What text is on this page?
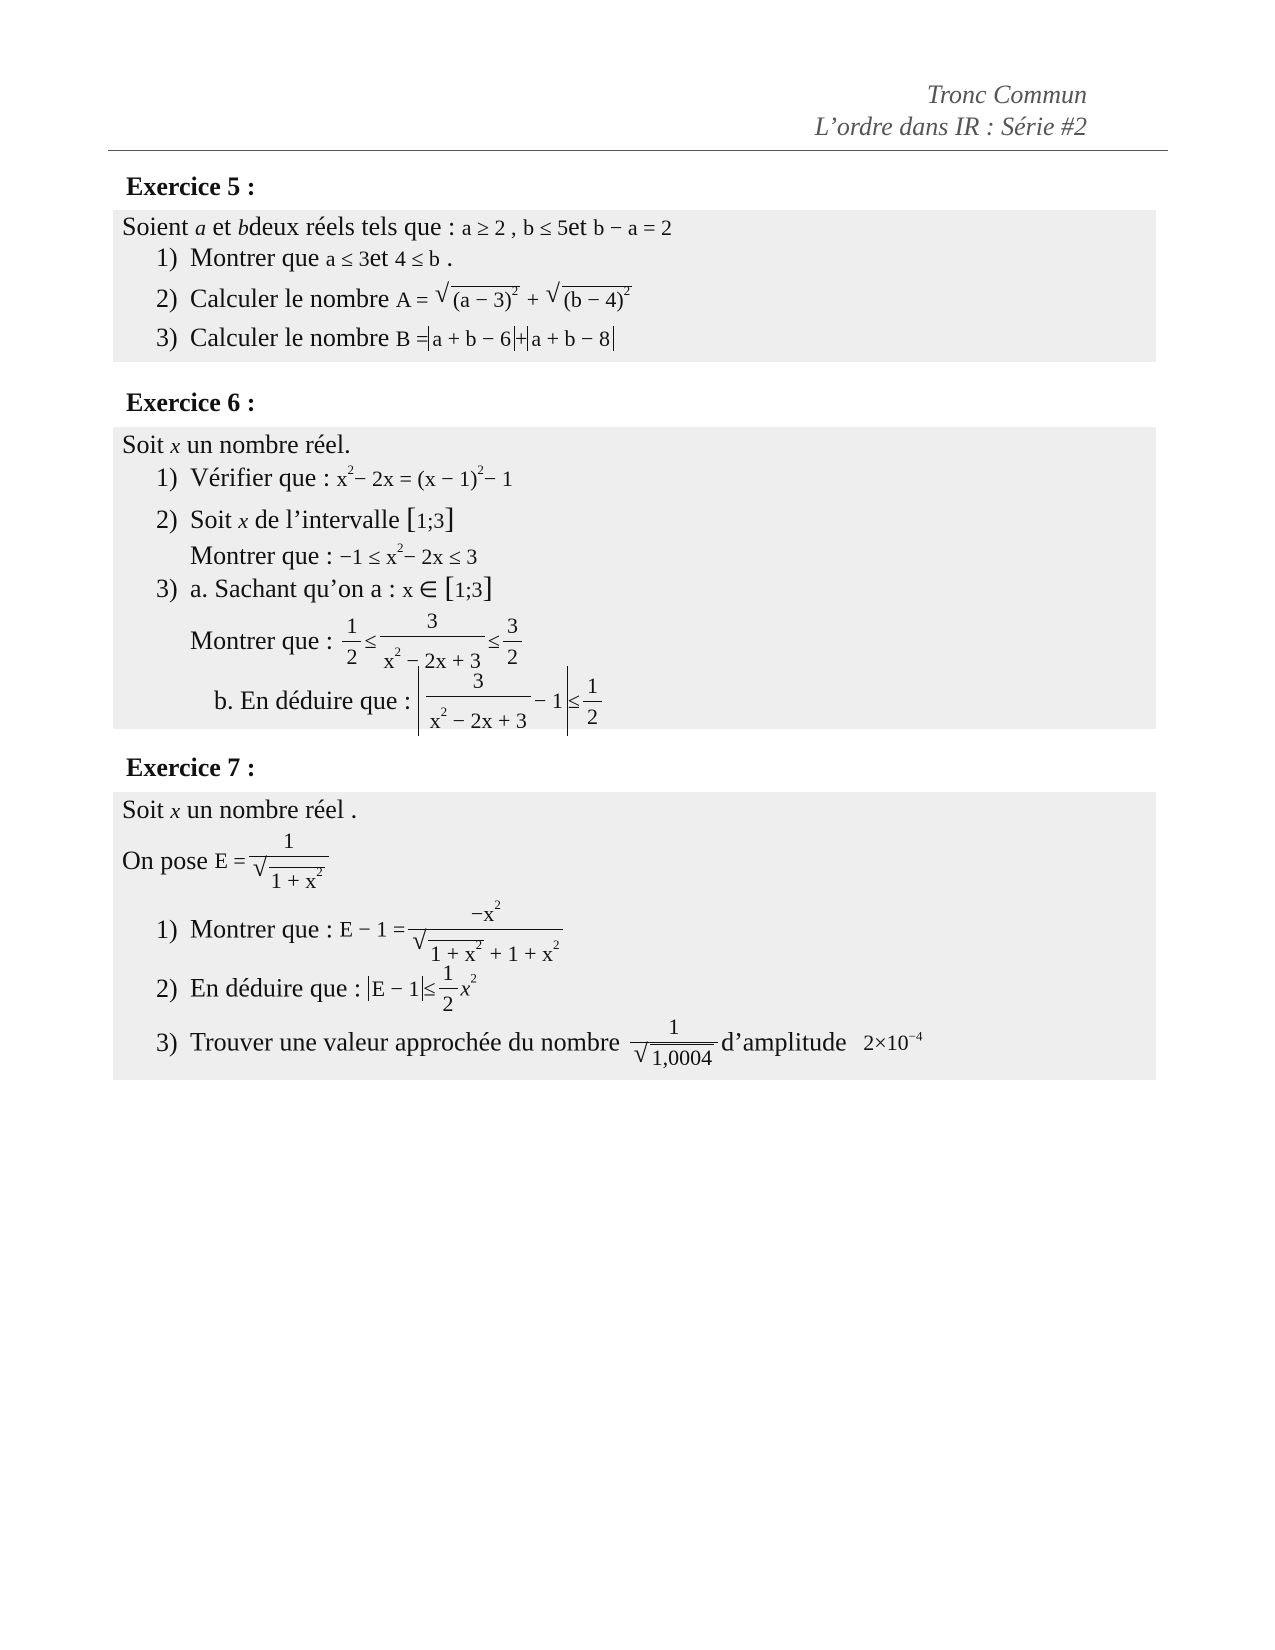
Tronc Commun
L’ordre dans IR : Série #2
Exercice 5 :
Soient a et bdeux réels tels que : a ≥ 2 , b ≤ 5et b − a = 2
1) Montrer que a ≤ 3et 4 ≤ b .
2) Calculer le nombre A = √ $(a - 3)^2$ + √ $(b - 4)^2$
3) Calculer le nombre B = a + b − 6 + a + b − 8
Exercice 6 :
Soit x un nombre réel.
1) Vérifier que : $x^2- 2x = (x - 1)^2- 1$
2) Soit x de l’intervalle [1;3]
Montrer que : $-1 \le x^2- 2x \le 3$
3) a. Sachant qu’on a : x ∈ [1;3]
Montrer que : $\frac{1}{2} \le \frac{3}{x^2 - 2x + 3} \le \frac{3}{2}$
b. En déduire que : $\frac{3}{x^2 - 2x + 3} - 1 \le \frac{1}{2}$
Exercice 7 :
Soit x un nombre réel .
On pose $E = \frac{1}{√ 1 + x^2}$
1) Montrer que : $E - 1 = \frac{-x^2}{√ 1 + x^2 + 1 + x^2}$
2) En déduire que : $E - 1 \le \frac{1}{2} x^2$
3) Trouver une valeur approchée du nombre $\frac{1}{√ 1,0004}$ d’amplitude $2\times 10^{-4}$
